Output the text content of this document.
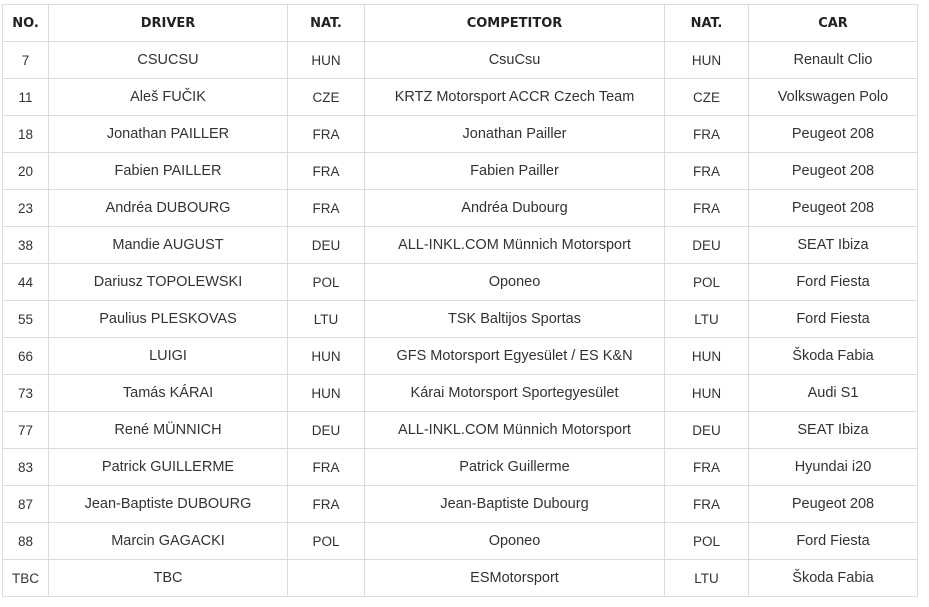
NO.	DRIVER	NAT.	COMPETITOR	NAT.	CAR
7	CSUCSU	HUN	CsuCsu	HUN	Renault Clio
11	Aleš FUČIK	CZE	KRTZ Motorsport ACCR Czech Team	CZE	Volkswagen Polo
18	Jonathan PAILLER	FRA	Jonathan Pailler	FRA	Peugeot 208
20	Fabien PAILLER	FRA	Fabien Pailler	FRA	Peugeot 208
23	Andréa DUBOURG	FRA	Andréa Dubourg	FRA	Peugeot 208
38	Mandie AUGUST	DEU	ALL-INKL.COM Münnich Motorsport	DEU	SEAT Ibiza
44	Dariusz TOPOLEWSKI	POL	Oponeo	POL	Ford Fiesta
55	Paulius PLESKOVAS	LTU	TSK Baltijos Sportas	LTU	Ford Fiesta
66	LUIGI	HUN	GFS Motorsport Egyesület / ES K&N	HUN	Škoda Fabia
73	Tamás KÁRAI	HUN	Kárai Motorsport Sportegyesület	HUN	Audi S1
77	René MÜNNICH	DEU	ALL-INKL.COM Münnich Motorsport	DEU	SEAT Ibiza
83	Patrick GUILLERME	FRA	Patrick Guillerme	FRA	Hyundai i20
87	Jean-Baptiste DUBOURG	FRA	Jean-Baptiste Dubourg	FRA	Peugeot 208
88	Marcin GAGACKI	POL	Oponeo	POL	Ford Fiesta
TBC	TBC		ESMotorsport	LTU	Škoda Fabia
